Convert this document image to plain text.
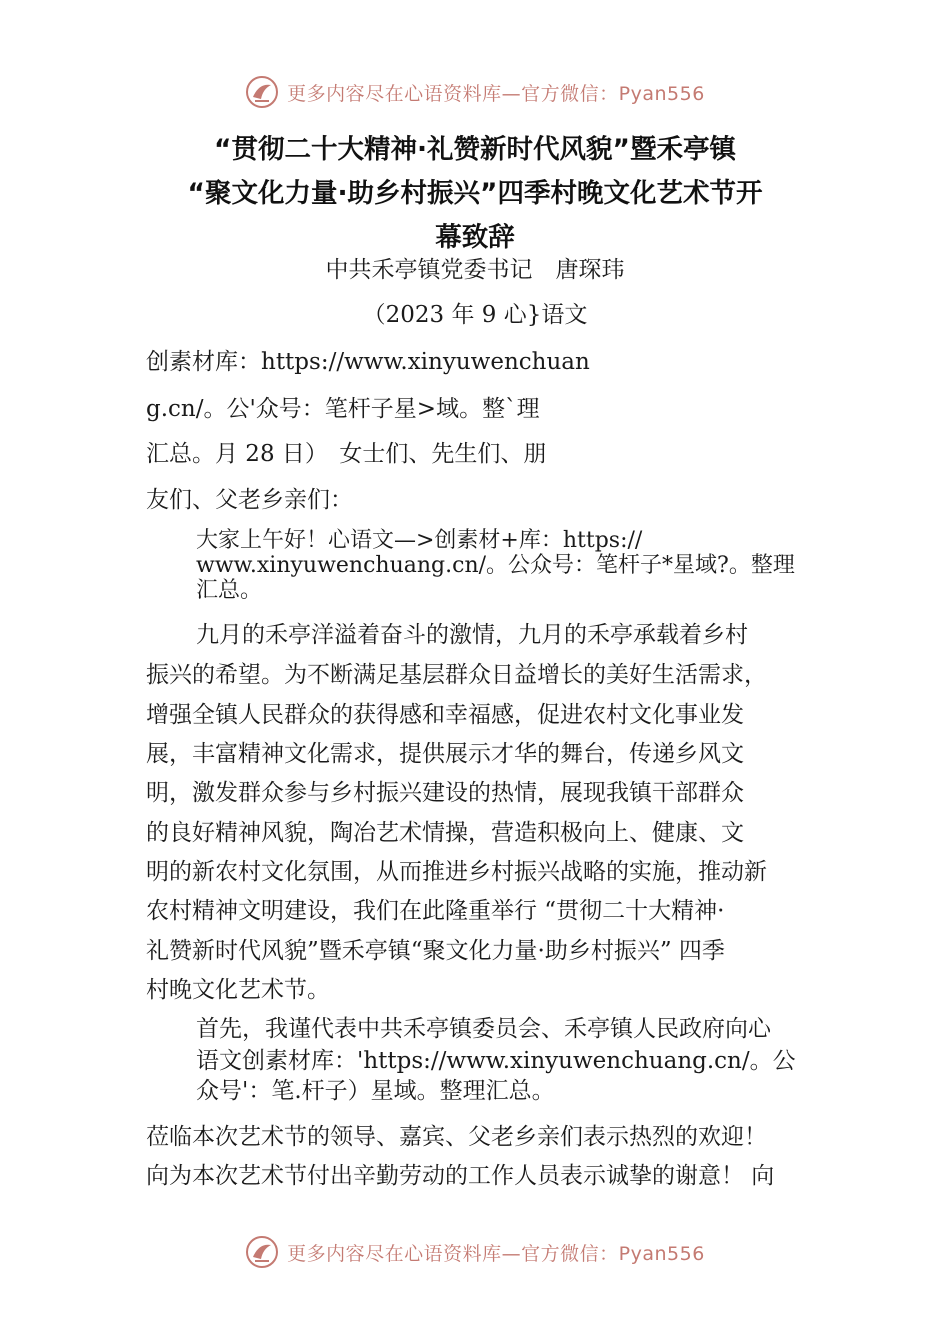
更多内容尽在心语资料库—官方微信：Pyan556
“贯彻二十大精神·礼赞新时代风貌”暨禾亭镇
“聚文化力量·助乡村振兴”四季村晚文化艺术节开
幕致辞
中共禾亭镇党委书记　唐琛玮
（2023 年 9 心}语文
创素材库：https://www.xinyuwenchuan
g.cn/。公'众号：笔杆子星>域。整`理
汇总。月 28 日）　女士们、先生们、朋
友们、父老乡亲们：
大家上午好！心语文—>创素材+库：https://
www.xinyuwenchuang.cn/。公众号：笔杆子*星域?。整理
汇总。
九月的禾亭洋溢着奋斗的激情，九月的禾亭承载着乡村
振兴的希望。为不断满足基层群众日益增长的美好生活需求，
增强全镇人民群众的获得感和幸福感，促进农村文化事业发
展，丰富精神文化需求，提供展示才华的舞台，传递乡风文
明，激发群众参与乡村振兴建设的热情，展现我镇干部群众
的良好精神风貌，陶冶艺术情操，营造积极向上、健康、文
明的新农村文化氛围，从而推进乡村振兴战略的实施，推动新
农村精神文明建设，我们在此隆重举行 “贯彻二十大精神·
礼赞新时代风貌”暨禾亭镇“聚文化力量·助乡村振兴” 四季
村晚文化艺术节。
首先，我谨代表中共禾亭镇委员会、禾亭镇人民政府向心
语文创素材库：'https://www.xinyuwenchuang.cn/。公
众号'：笔.杆子）星域。整理汇总。
莅临本次艺术节的领导、嘉宾、父老乡亲们表示热烈的欢迎！
向为本次艺术节付出辛勤劳动的工作人员表示诚挚的谢意！ 向
更多内容尽在心语资料库—官方微信：Pyan556
